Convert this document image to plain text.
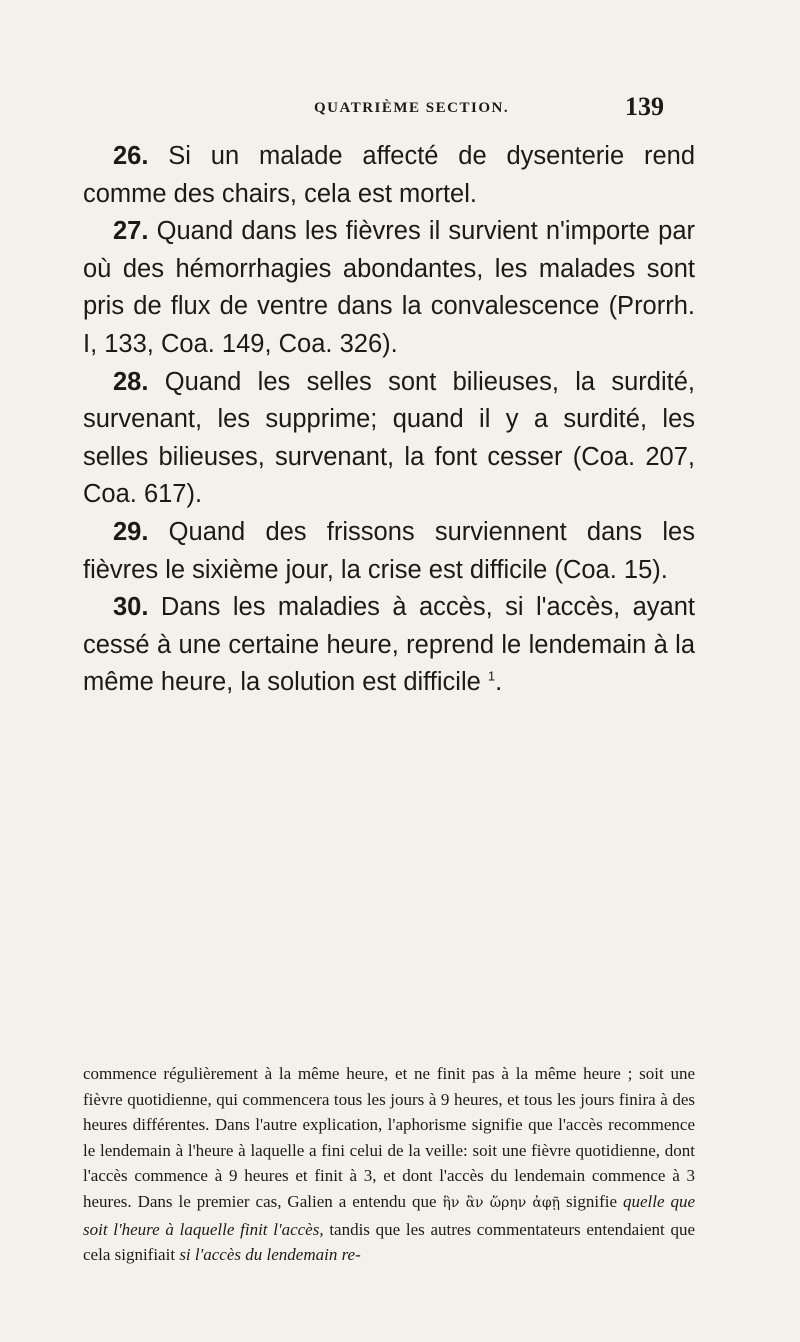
QUATRIÈME SECTION.	139

26. Si un malade affecté de dysenterie rend comme des chairs, cela est mortel.

27. Quand dans les fièvres il survient n'importe par où des hémorrhagies abondantes, les malades sont pris de flux de ventre dans la convalescence (Prorrh. I, 133, Coa. 149, Coa. 326).

28. Quand les selles sont bilieuses, la surdité, survenant, les supprime; quand il y a surdité, les selles bilieuses, survenant, la font cesser (Coa. 207, Coa. 617).

29. Quand des frissons surviennent dans les fièvres le sixième jour, la crise est difficile (Coa. 15).

30. Dans les maladies à accès, si l'accès, ayant cessé à une certaine heure, reprend le lendemain à la même heure, la solution est difficile $^1$.

commence régulièrement à la même heure, et ne finit pas à la même heure ; soit une fièvre quotidienne, qui commencera tous les jours à 9 heures, et tous les jours finira à des heures différentes. Dans l'autre explication, l'aphorisme signifie que l'accès recommence le lendemain à l'heure à laquelle a fini celui de la veille: soit une fièvre quotidienne, dont l'accès commence à 9 heures et finit à 3, et dont l'accès du lendemain commence à 3 heures. Dans le premier cas, Galien a entendu que ἣν ἂν ὥρην ἀφῇ signifie quelle que soit l'heure à laquelle finit l'accès, tandis que les autres commentateurs entendaient que cela signifiait si l'accès du lendemain re-
